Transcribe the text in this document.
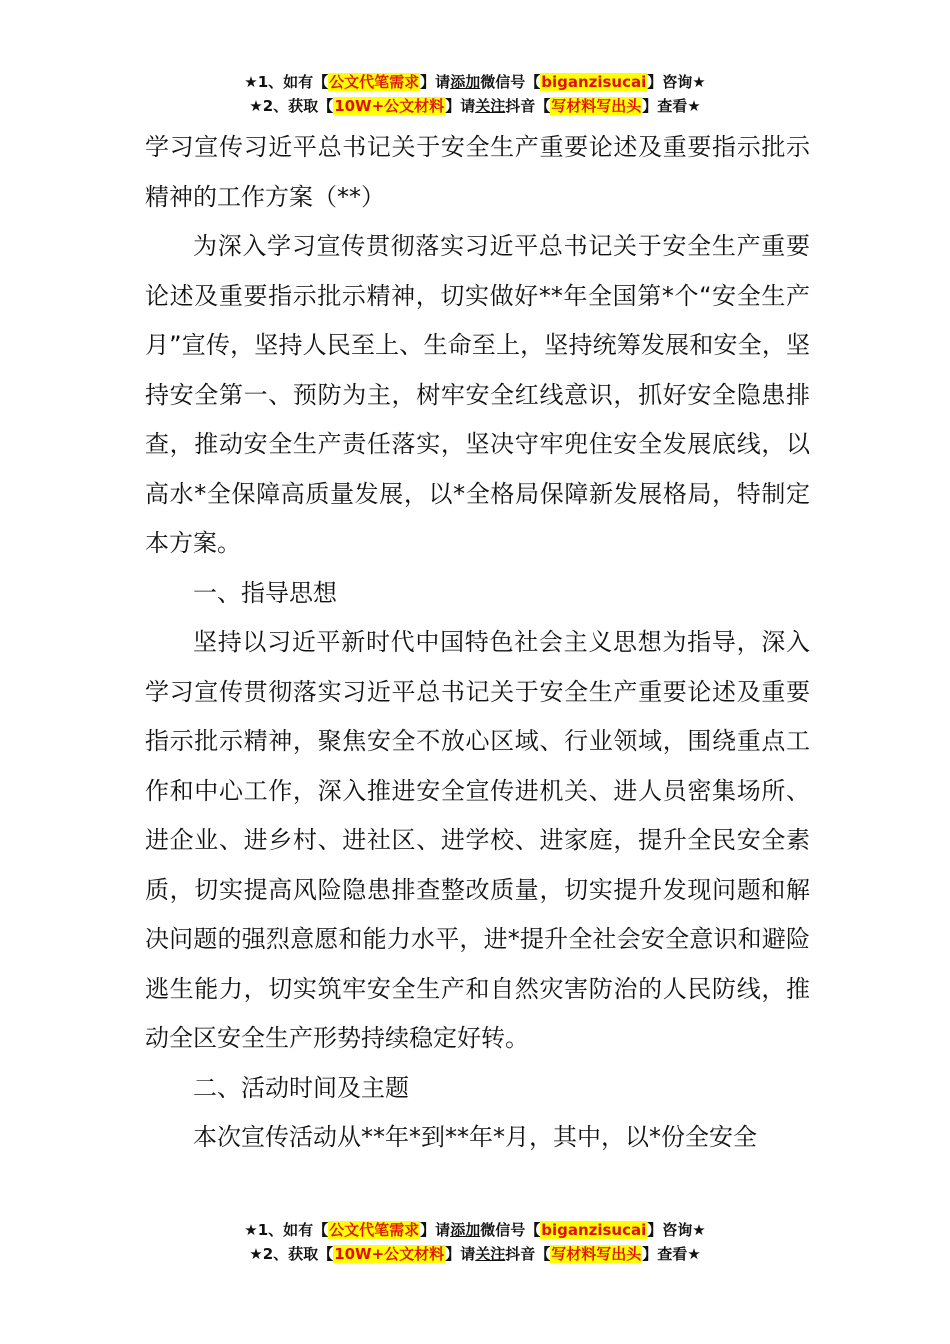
★1、如有【公文代笔需求】请添加微信号【biganzisucai】咨询★
★2、获取【10W+公文材料】请关注抖音【写材料写出头】查看★

学习宣传习近平总书记关于安全生产重要论述及重要指示批示精神的工作方案（**）

为深入学习宣传贯彻落实习近平总书记关于安全生产重要论述及重要指示批示精神，切实做好**年全国第*个“安全生产月”宣传，坚持人民至上、生命至上，坚持统筹发展和安全，坚持安全第一、预防为主，树牢安全红线意识，抓好安全隐患排查，推动安全生产责任落实，坚决守牢兜住安全发展底线，以高水*全保障高质量发展，以*全格局保障新发展格局，特制定本方案。

一、指导思想

坚持以习近平新时代中国特色社会主义思想为指导，深入学习宣传贯彻落实习近平总书记关于安全生产重要论述及重要指示批示精神，聚焦安全不放心区域、行业领域，围绕重点工作和中心工作，深入推进安全宣传进机关、进人员密集场所、进企业、进乡村、进社区、进学校、进家庭，提升全民安全素质，切实提高风险隐患排查整改质量，切实提升发现问题和解决问题的强烈意愿和能力水平，进*提升全社会安全意识和避险逃生能力，切实筑牢安全生产和自然灾害防治的人民防线，推动全区安全生产形势持续稳定好转。

二、活动时间及主题

本次宣传活动从**年*到**年*月，其中，以*份全安全

★1、如有【公文代笔需求】请添加微信号【biganzisucai】咨询★
★2、获取【10W+公文材料】请关注抖音【写材料写出头】查看★
